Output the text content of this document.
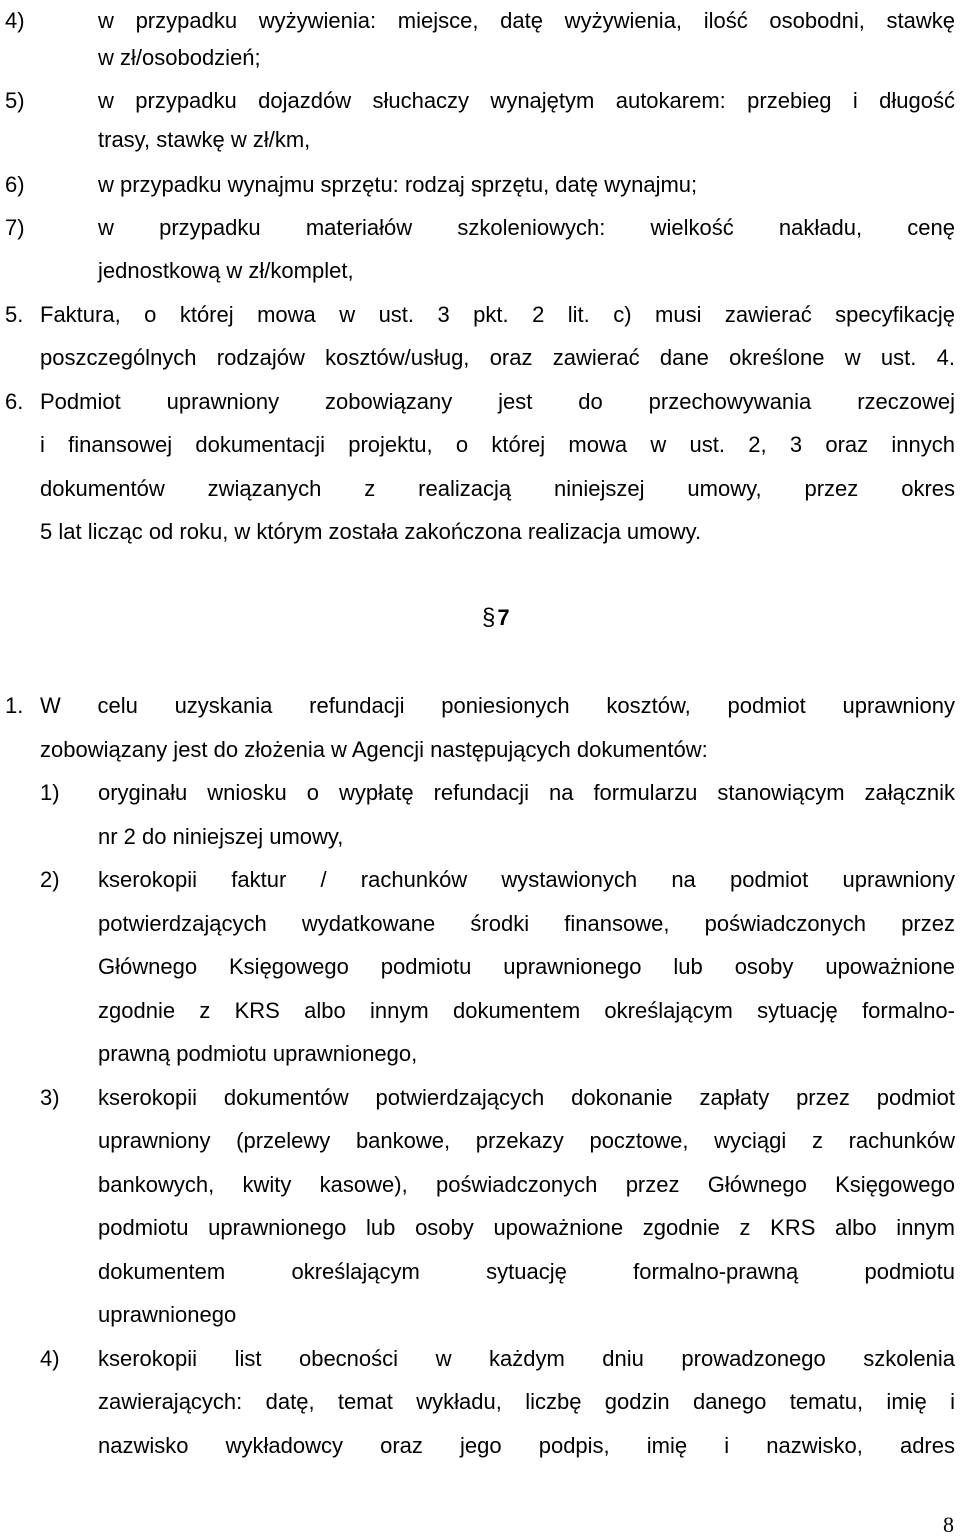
4)	w przypadku wyżywienia: miejsce, datę wyżywienia, ilość osobodni, stawkę
w zł/osobodzień;
5)	w przypadku dojazdów słuchaczy wynajętym autokarem: przebieg i długość
trasy, stawkę w zł/km,
6)	w przypadku wynajmu sprzętu: rodzaj sprzętu, datę wynajmu;
7)	w przypadku materiałów szkoleniowych: wielkość nakładu, cenę
jednostkową w zł/komplet,
5. Faktura, o której mowa w ust. 3 pkt. 2 lit. c) musi zawierać specyfikację
poszczególnych rodzajów kosztów/usług, oraz zawierać dane określone w ust. 4.
6. Podmiot uprawniony zobowiązany jest do przechowywania rzeczowej
i finansowej dokumentacji projektu, o której mowa w ust. 2, 3 oraz innych
dokumentów związanych z realizacją niniejszej umowy, przez okres
5 lat licząc od roku, w którym została zakończona realizacja umowy.
§7
1. W celu uzyskania refundacji poniesionych kosztów, podmiot uprawniony
zobowiązany jest do złożenia w Agencji następujących dokumentów:
1) oryginału wniosku o wypłatę refundacji na formularzu stanowiącym załącznik
nr 2 do niniejszej umowy,
2) kserokopii faktur / rachunków wystawionych na podmiot uprawniony
potwierdzających wydatkowane środki finansowe, poświadczonych przez
Głównego Księgowego podmiotu uprawnionego lub osoby upoważnione
zgodnie z KRS albo innym dokumentem określającym sytuację formalno-
prawną podmiotu uprawnionego,
3) kserokopii dokumentów potwierdzających dokonanie zapłaty przez podmiot
uprawniony (przelewy bankowe, przekazy pocztowe, wyciągi z rachunków
bankowych, kwity kasowe), poświadczonych przez Głównego Księgowego
podmiotu uprawnionego lub osoby upoważnione zgodnie z KRS albo innym
dokumentem określającym sytuację formalno-prawną podmiotu
uprawnionego
4) kserokopii list obecności w każdym dniu prowadzonego szkolenia
zawierających: datę, temat wykładu, liczbę godzin danego tematu, imię i
nazwisko wykładowcy oraz jego podpis, imię i nazwisko, adres
8
